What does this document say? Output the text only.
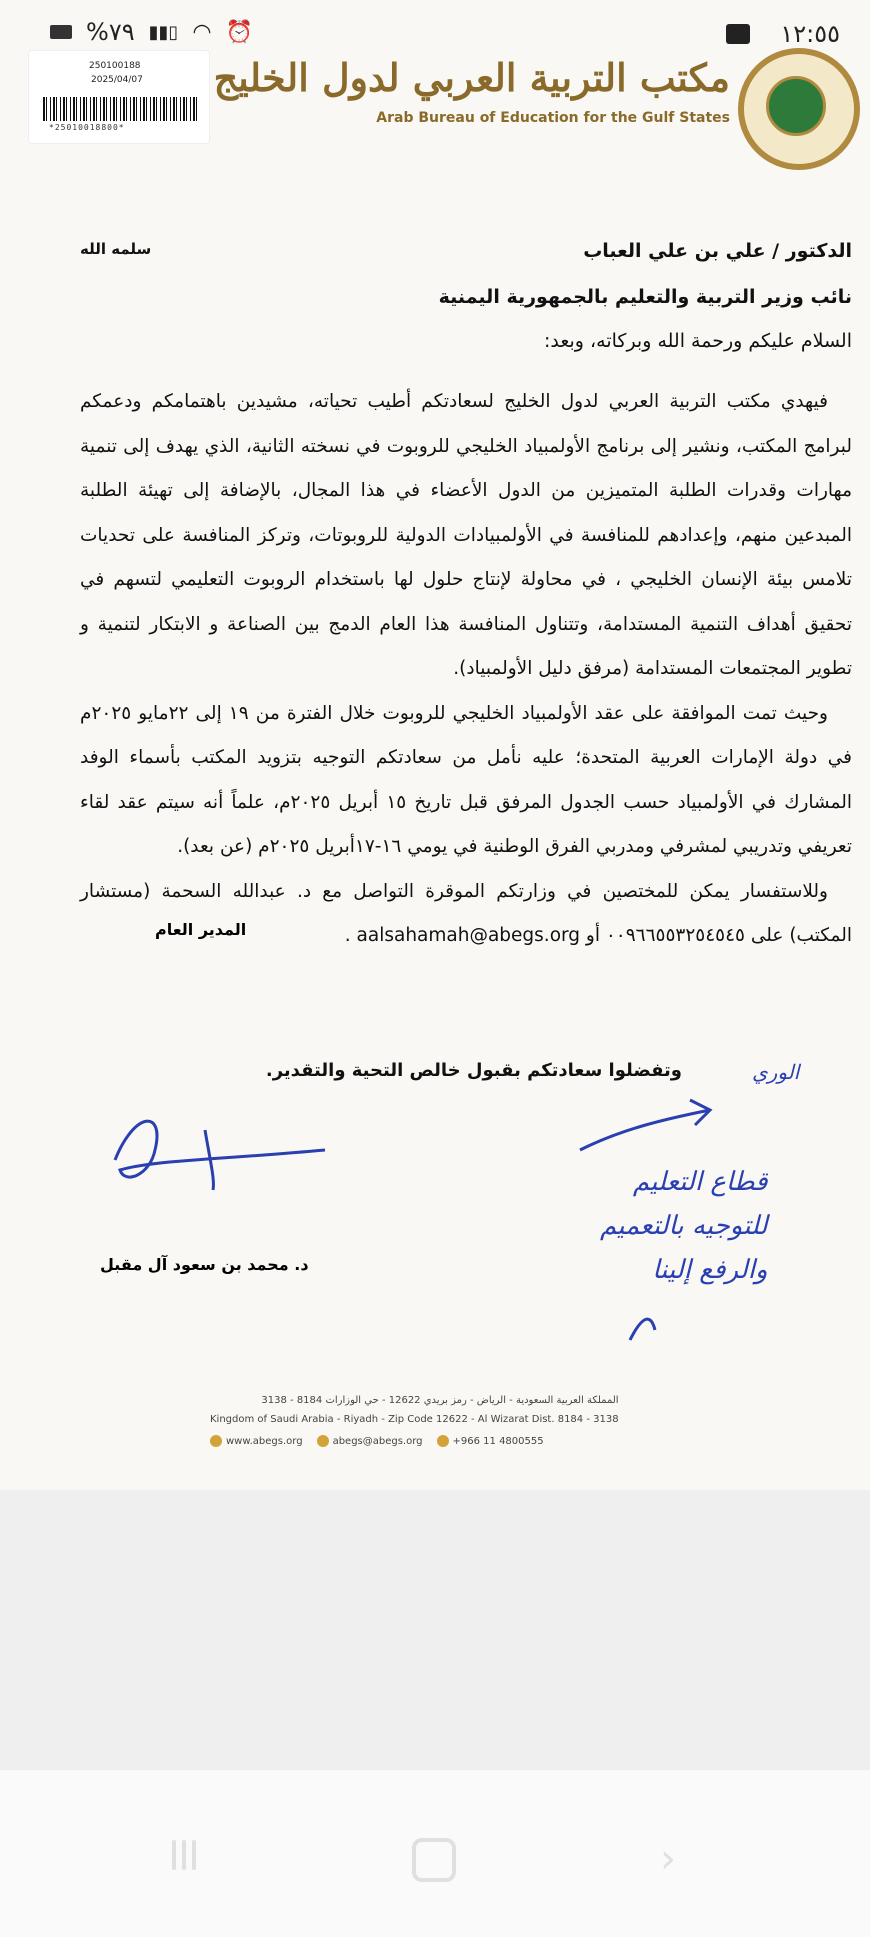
%٧٩ ▮▮▯ ◠ ⏰	١٢:٥٥
250100188
2025/04/07
*25010018800*
مكتب التربية العربي لدول الخليج
Arab Bureau of Education for the Gulf States
الدكتور / علي بن علي العباب
سلمه الله
نائب وزير التربية والتعليم بالجمهورية اليمنية
السلام عليكم ورحمة الله وبركاته، وبعد:

فيهدي مكتب التربية العربي لدول الخليج لسعادتكم أطيب تحياته، مشيدين باهتمامكم ودعمكم لبرامج المكتب، ونشير إلى برنامج الأولمبياد الخليجي للروبوت في نسخته الثانية، الذي يهدف إلى تنمية مهارات وقدرات الطلبة المتميزين من الدول الأعضاء في هذا المجال، بالإضافة إلى تهيئة الطلبة المبدعين منهم، وإعدادهم للمنافسة في الأولمبيادات الدولية للروبوتات، وتركز المنافسة على تحديات تلامس بيئة الإنسان الخليجي ، في محاولة لإنتاج حلول لها باستخدام الروبوت التعليمي لتسهم في تحقيق أهداف التنمية المستدامة، وتتناول المنافسة هذا العام الدمج بين الصناعة و الابتكار لتنمية و تطوير المجتمعات المستدامة (مرفق دليل الأولمبياد).

وحيث تمت الموافقة على عقد الأولمبياد الخليجي للروبوت خلال الفترة من ١٩ إلى ٢٢مايو ٢٠٢٥م في دولة الإمارات العربية المتحدة؛ عليه نأمل من سعادتكم التوجيه بتزويد المكتب بأسماء الوفد المشارك في الأولمبياد حسب الجدول المرفق قبل تاريخ ١٥ أبريل ٢٠٢٥م، علماً أنه سيتم عقد لقاء تعريفي وتدريبي لمشرفي ومدربي الفرق الوطنية في يومي ١٦-١٧أبريل ٢٠٢٥م (عن بعد).

وللاستفسار يمكن للمختصين في وزارتكم الموقرة التواصل مع د. عبدالله السحمة (مستشار المكتب) على ٠٠٩٦٦٥٥٣٢٥٤٥٤٥ أو aalsahamah@abegs.org .

وتفضلوا سعادتكم بقبول خالص التحية والتقدير.	الوري
المدير العام
د. محمد بن سعود آل مقبل
قطاع التعليم
للتوجيه بالتعميم
والرفع إلينا
المملكة العربية السعودية - الرياض - رمز بريدي 12622 - حي الوزارات 8184 - 3138
Kingdom of Saudi Arabia - Riyadh - Zip Code 12622 - Al Wizarat Dist. 8184 - 3138
www.abegs.org	abegs@abegs.org	+966 11 4800555
›
